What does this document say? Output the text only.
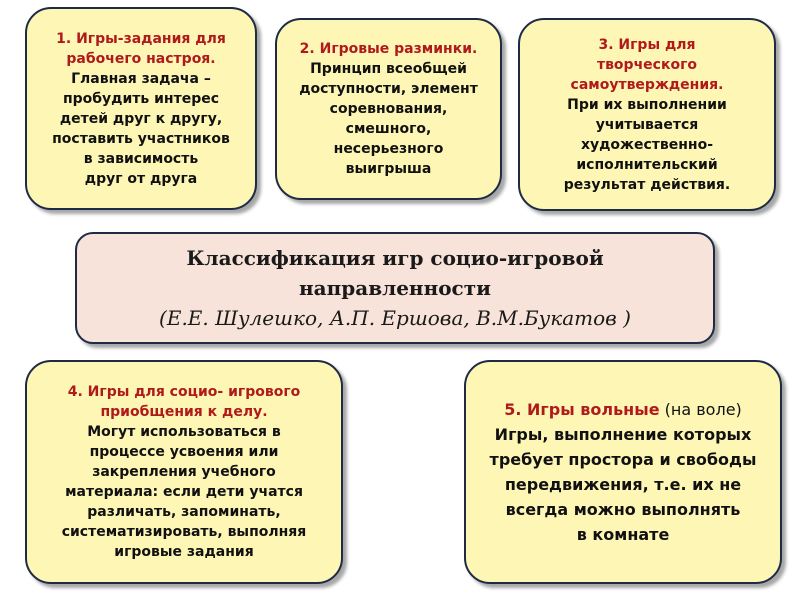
1. Игры-задания для
рабочего настроя.
Главная задача –
пробудить интерес
детей друг к другу,
поставить участников
в зависимость
друг от друга
2. Игровые разминки.
Принцип всеобщей
доступности, элемент
соревнования,
смешного,
несерьезного
выигрыша
3. Игры для
творческого
самоутверждения.
При их выполнении
учитывается
художественно-
исполнительский
результат действия.
Классификация игр социо-игровой
направленности
(Е.Е. Шулешко, А.П. Ершова, В.М.Букатов )
4. Игры для социо- игрового
приобщения к делу.
Могут использоваться в
процессе усвоения или
закрепления учебного
материала: если дети учатся
различать, запоминать,
систематизировать, выполняя
игровые задания
5. Игры вольные (на воле)
Игры, выполнение которых
требует простора и свободы
передвижения, т.е. их не
всегда можно выполнять
в комнате
